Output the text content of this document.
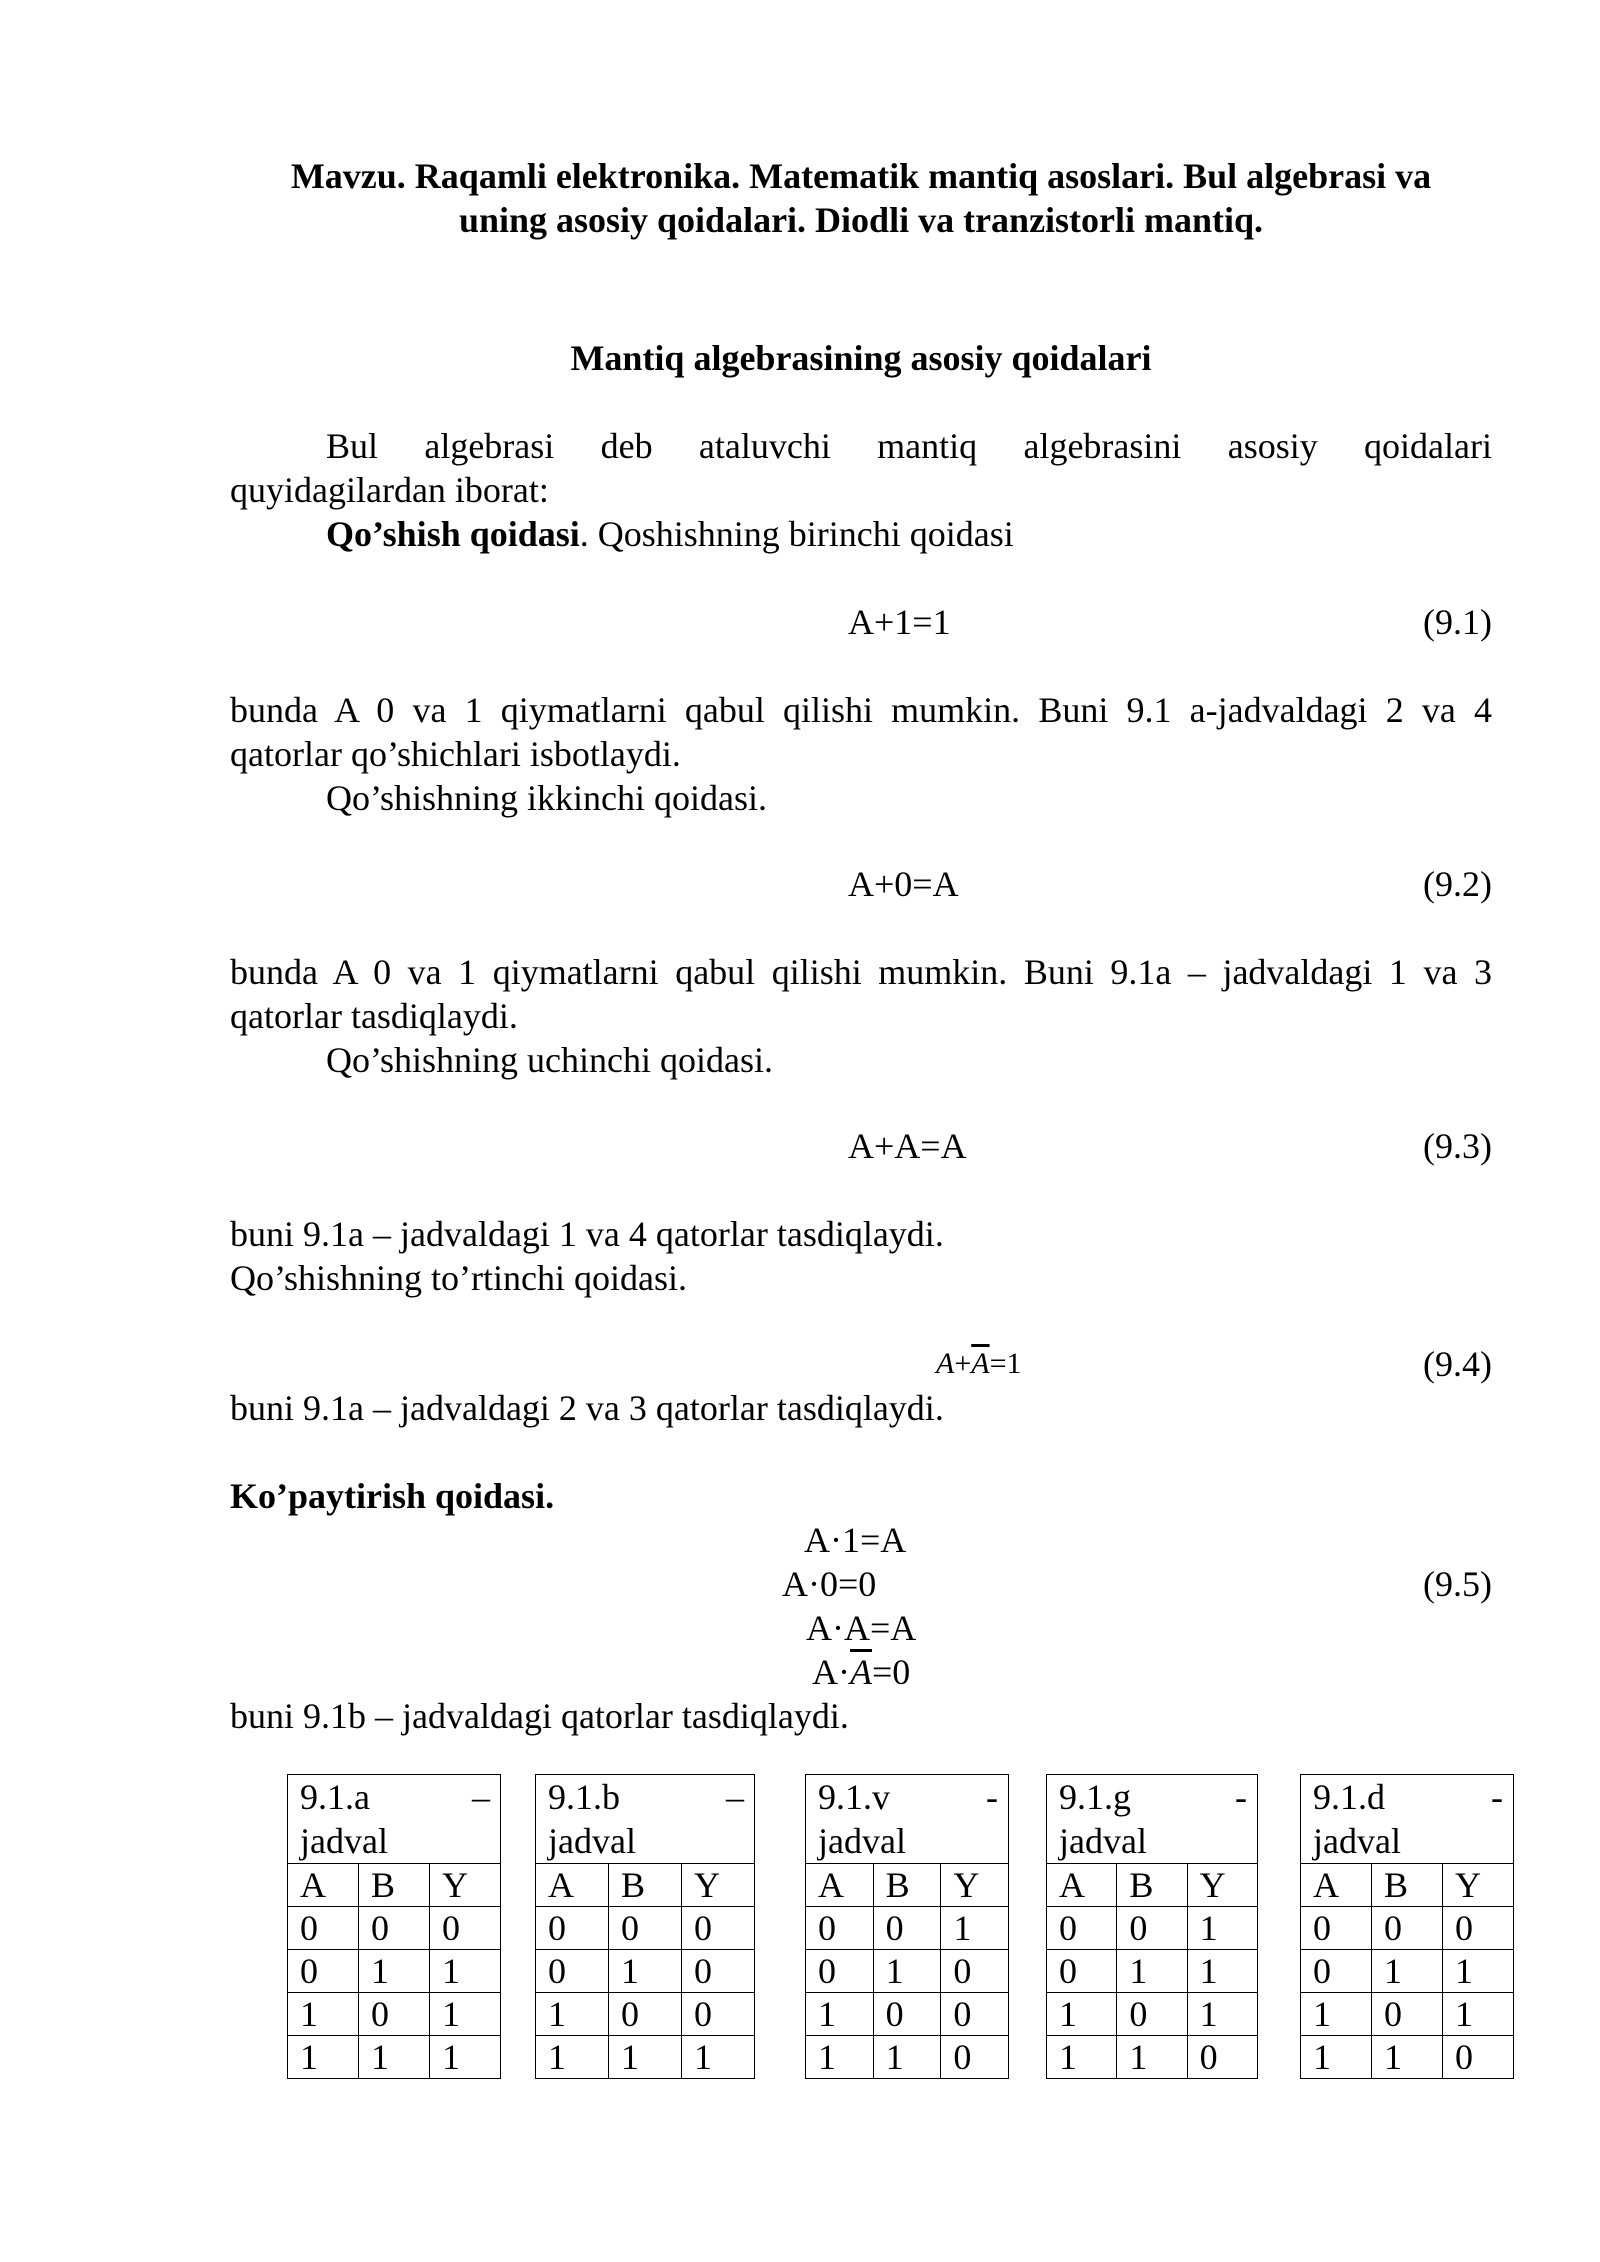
Mavzu. Raqamli elektronika. Matematik mantiq asoslari. Bul algebrasi va
uning asosiy qoidalari. Diodli va tranzistorli mantiq.
Mantiq algebrasining asosiy qoidalari
Bul algebrasi deb ataluvchi mantiq algebrasini asosiy qoidalari
quyidagilardan iborat:
Qo’shish qoidasi. Qoshishning birinchi qoidasi
A+1=1	(9.1)
bunda A 0 va 1 qiymatlarni qabul qilishi mumkin. Buni 9.1 a-jadvaldagi 2 va 4
qatorlar qo’shichlari isbotlaydi.
Qo’shishning ikkinchi qoidasi.
A+0=A	(9.2)
bunda A 0 va 1 qiymatlarni qabul qilishi mumkin. Buni 9.1a – jadvaldagi 1 va 3
qatorlar tasdiqlaydi.
Qo’shishning uchinchi qoidasi.
A+A=A	(9.3)
buni 9.1a – jadvaldagi 1 va 4 qatorlar tasdiqlaydi.
Qo’shishning to’rtinchi qoidasi.
$A+\overline{A}=1$	(9.4)
buni 9.1a – jadvaldagi 2 va 3 qatorlar tasdiqlaydi.
Ko’paytirish qoidasi.
A·1=A
A·0=0	(9.5)
A·A=A
$A\cdot\overline{A}=0$
buni 9.1b – jadvaldagi qatorlar tasdiqlaydi.
9.1.a –
jadval		

A	B	Y
0	0	0
0	1	1
1	0	1
1	1	1
9.1.b –
jadval		

A	B	Y
0	0	0
0	1	0
1	0	0
1	1	1
9.1.v -
jadval		

A	B	Y
0	0	1
0	1	0
1	0	0
1	1	0
9.1.g -
jadval		

A	B	Y
0	0	1
0	1	1
1	0	1
1	1	0
9.1.d -
jadval		

A	B	Y
0	0	0
0	1	1
1	0	1
1	1	0
